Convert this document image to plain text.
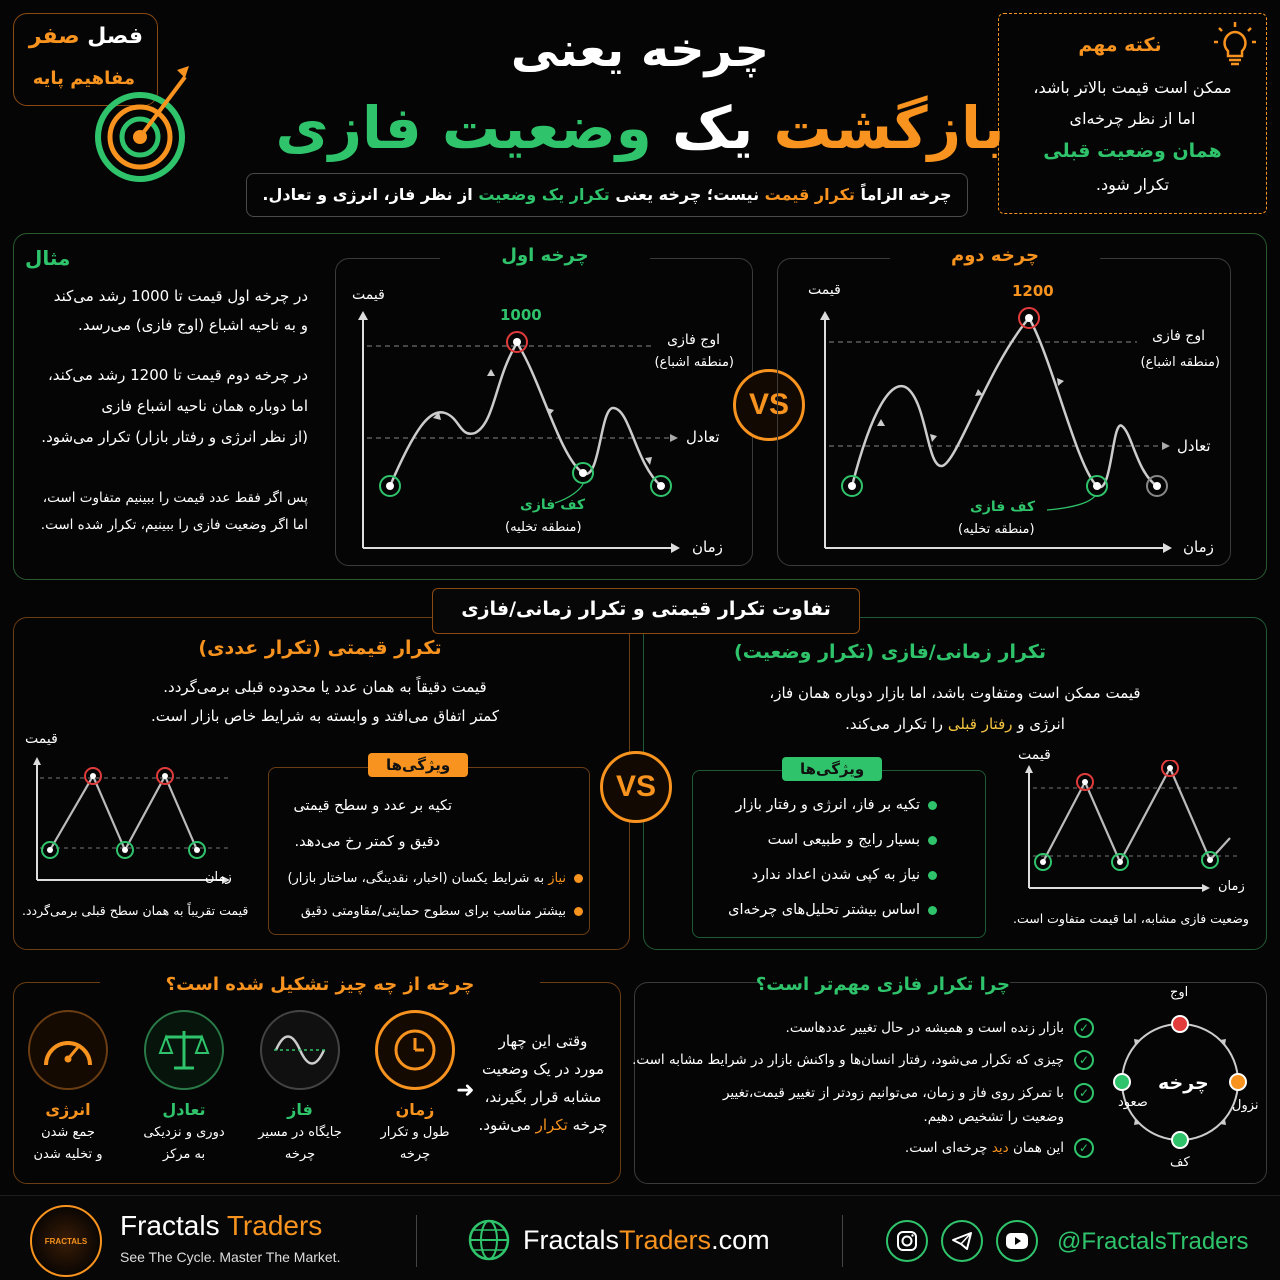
فصل صفر
مفاهیم پایه
چرخه یعنی
بازگشت یک وضعیت فازی
چرخه الزاماً تکرار قیمت نیست؛ چرخه یعنی تکرار یک وضعیت از نظر فاز، انرژی و تعادل.
نکته مهم
ممکن است قیمت بالاتر باشد،
اما از نظر چرخه‌ای
همان وضعیت قبلی
تکرار شود.
مثال
در چرخه اول قیمت تا 1000 رشد می‌کند
و به ناحیه اشباع (اوج فازی) می‌رسد.
در چرخه دوم قیمت تا 1200 رشد می‌کند،
اما دوباره همان ناحیه اشباع فازی
(از نظر انرژی و رفتار بازار) تکرار می‌شود.
پس اگر فقط عدد قیمت را ببینیم متفاوت است،
اما اگر وضعیت فازی را ببینیم، تکرار شده است.
چرخه اول
قیمت
زمان
1000
اوج فازی
(منطقه اشباع)
تعادل
کف فازی
(منطقه تخلیه)
VS
چرخه دوم
قیمت
زمان
1200
اوج فازی
(منطقه اشباع)
تعادل
کف فازی
(منطقه تخلیه)
تفاوت تکرار قیمتی و تکرار زمانی/فازی
تکرار قیمتی (تکرار عددی)
قیمت دقیقاً به همان عدد یا محدوده قبلی برمی‌گردد.
کمتر اتفاق می‌افتد و وابسته به شرایط خاص بازار است.
قیمت
زمان
قیمت تقریباً به همان سطح قبلی برمی‌گردد.
ویژگی‌ها
تکیه بر عدد و سطح قیمتی
دقیق و کمتر رخ می‌دهد.
نیاز به شرایط یکسان (اخبار، نقدینگی، ساختار بازار)
بیشتر مناسب برای سطوح حمایتی/مقاومتی دقیق
VS
تکرار زمانی/فازی (تکرار وضعیت)
قیمت ممکن است ومتفاوت باشد، اما بازار دوباره همان فاز،
انرژی و رفتار قبلی را تکرار می‌کند.
ویژگی‌ها
تکیه بر فاز، انرژی و رفتار بازار
بسیار رایج و طبیعی است
نیاز به کپی شدن اعداد ندارد
اساس بیشتر تحلیل‌های چرخه‌ای
قیمت
زمان
وضعیت فازی مشابه، اما قیمت متفاوت است.
چرخه از چه چیز تشکیل شده است؟
وقتی این چهار
مورد در یک وضعیت
مشابه قرار بگیرند،
چرخه تکرار می‌شود.
➜
زمان
طول و تکرار
چرخه
فاز
جایگاه در مسیر
چرخه
تعادل
دوری و نزدیکی
به مرکز
انرژی
جمع شدن
و تخلیه شدن
چرا تکرار فازی مهم‌تر است؟
✓بازار زنده است و همیشه در حال تغییر عددهاست.
✓چیزی که تکرار می‌شود، رفتار انسان‌ها و واکنش بازار در شرایط مشابه است.
✓با تمرکز روی فاز و زمان، می‌توانیم زودتر از تغییر قیمت،تغییر
وضعیت را تشخیص دهیم.
✓این همان دید چرخه‌ای است.
چرخه
اوج
نزول
کف
صعود
FRACTALS Fractals Traders
See The Cycle. Master The Market.
FractalsTraders.com	@FractalsTraders
